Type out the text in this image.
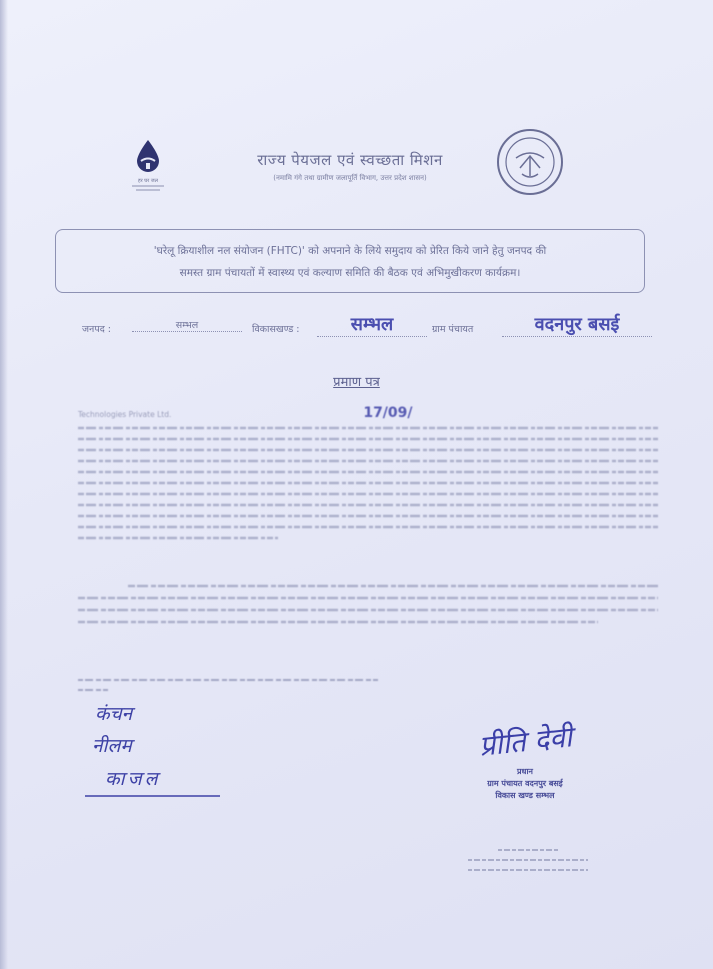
हर घर जल
राज्य पेयजल एवं स्वच्छता मिशन
(नमामि गंगे तथा ग्रामीण जलापूर्ति विभाग, उत्तर प्रदेश शासन)
'घरेलू क्रियाशील नल संयोजन (FHTC)' को अपनाने के लिये समुदाय को प्रेरित किये जाने हेतु जनपद की
समस्त ग्राम पंचायतों में स्वास्थ्य एवं कल्याण समिति की बैठक एवं अभिमुखीकरण कार्यक्रम।
जनपद :	सम्भल	विकासखण्ड :	सम्भल	ग्राम पंचायत	वदनपुर बसई
प्रमाण पत्र
Technologies Private Ltd.	17/09/
कंचन
नीलम
काजल
प्रीति देवी
प्रधान
ग्राम पंचायत वदनपुर बसई
विकास खण्ड सम्भल
